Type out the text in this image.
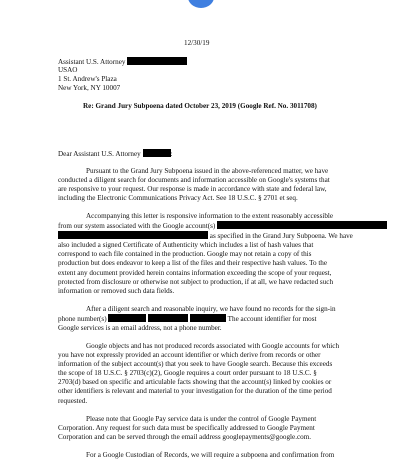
12/30/19
Assistant U.S. Attorney
USAO
1 St. Andrew's Plaza
New York, NY 10007
Re: Grand Jury Subpoena dated October 23, 2019 (Google Ref. No. 3011708)
Dear Assistant U.S. Attorney	:
Pursuant to the Grand Jury Subpoena issued in the above-referenced matter, we have
conducted a diligent search for documents and information accessible on Google's systems that
are responsive to your request. Our response is made in accordance with state and federal law,
including the Electronic Communications Privacy Act. See 18 U.S.C. § 2701 et seq.
Accompanying this letter is responsive information to the extent reasonably accessible
from our system associated with the Google account(s)
as specified in the Grand Jury Subpoena. We have
also included a signed Certificate of Authenticity which includes a list of hash values that
correspond to each file contained in the production. Google may not retain a copy of this
production but does endeavor to keep a list of the files and their respective hash values. To the
extent any document provided herein contains information exceeding the scope of your request,
protected from disclosure or otherwise not subject to production, if at all, we have redacted such
information or removed such data fields.
After a diligent search and reasonable inquiry, we have found no records for the sign-in
phone number(s)	The account identifier for most
Google services is an email address, not a phone number.
Google objects and has not produced records associated with Google accounts for which
you have not expressly provided an account identifier or which derive from records or other
information of the subject account(s) that you seek to have Google search. Because this exceeds
the scope of 18 U.S.C. § 2703(c)(2), Google requires a court order pursuant to 18 U.S.C. §
2703(d) based on specific and articulable facts showing that the account(s) linked by cookies or
other identifiers is relevant and material to your investigation for the duration of the time period
requested.
Please note that Google Pay service data is under the control of Google Payment
Corporation. Any request for such data must be specifically addressed to Google Payment
Corporation and can be served through the email address googlepayments@google.com.
For a Google Custodian of Records, we will require a subpoena and confirmation from
